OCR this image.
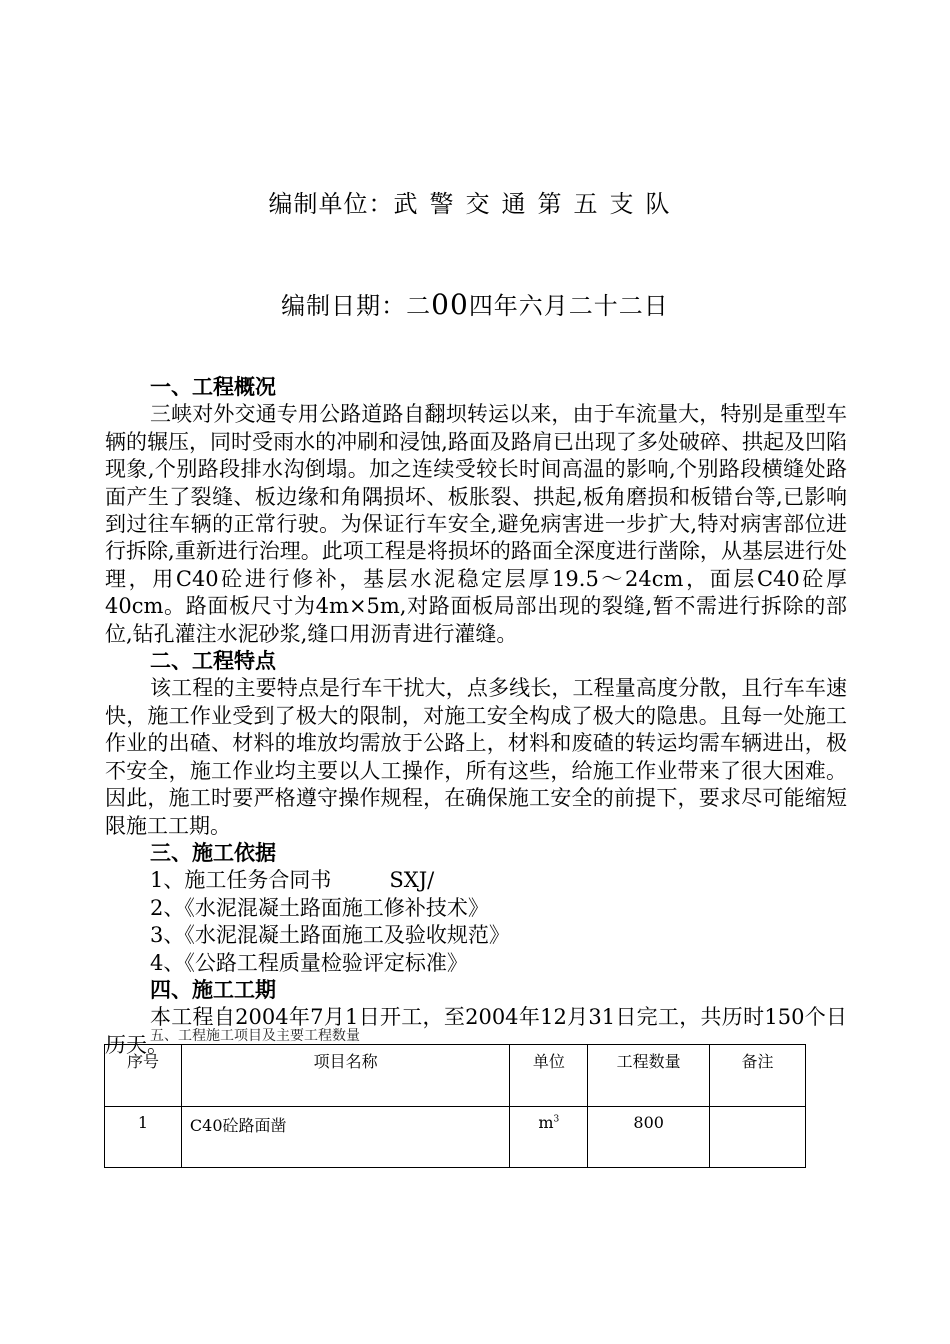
编制单位：武警交通第五支队
编制日期：二00四年六月二十二日

一、工程概况

三峡对外交通专用公路道路自翻坝转运以来，由于车流量大，特别是重型车辆的辗压，同时受雨水的冲刷和浸蚀,路面及路肩已出现了多处破碎、拱起及凹陷现象,个别路段排水沟倒塌。加之连续受较长时间高温的影响,个别路段横缝处路面产生了裂缝、板边缘和角隅损坏、板胀裂、拱起,板角磨损和板错台等,已影响到过往车辆的正常行驶。为保证行车安全,避免病害进一步扩大,特对病害部位进行拆除,重新进行治理。此项工程是将损坏的路面全深度进行凿除，从基层进行处理，用C40砼进行修补，基层水泥稳定层厚19.5～24cm，面层C40砼厚40cm。路面板尺寸为4m×5m,对路面板局部出现的裂缝,暂不需进行拆除的部位,钻孔灌注水泥砂浆,缝口用沥青进行灌缝。

二、工程特点

该工程的主要特点是行车干扰大，点多线长，工程量高度分散，且行车车速快，施工作业受到了极大的限制，对施工安全构成了极大的隐患。且每一处施工作业的出碴、材料的堆放均需放于公路上，材料和废碴的转运均需车辆进出，极不安全，施工作业均主要以人工操作，所有这些，给施工作业带来了很大困难。因此，施工时要严格遵守操作规程，在确保施工安全的前提下，要求尽可能缩短限施工工期。

三、施工依据

1、施工任务合同书	SXJ/

2、《水泥混凝土路面施工修补技术》

3、《水泥混凝土路面施工及验收规范》

4、《公路工程质量检验评定标准》

四、施工工期

本工程自2004年7月1日开工，至2004年12月31日完工，共历时150个日历天。

五、工程施工项目及主要工程数量
序号	项目名称	单位	工程数量	备注
1	C40砼路面凿	$m^3$	800	
